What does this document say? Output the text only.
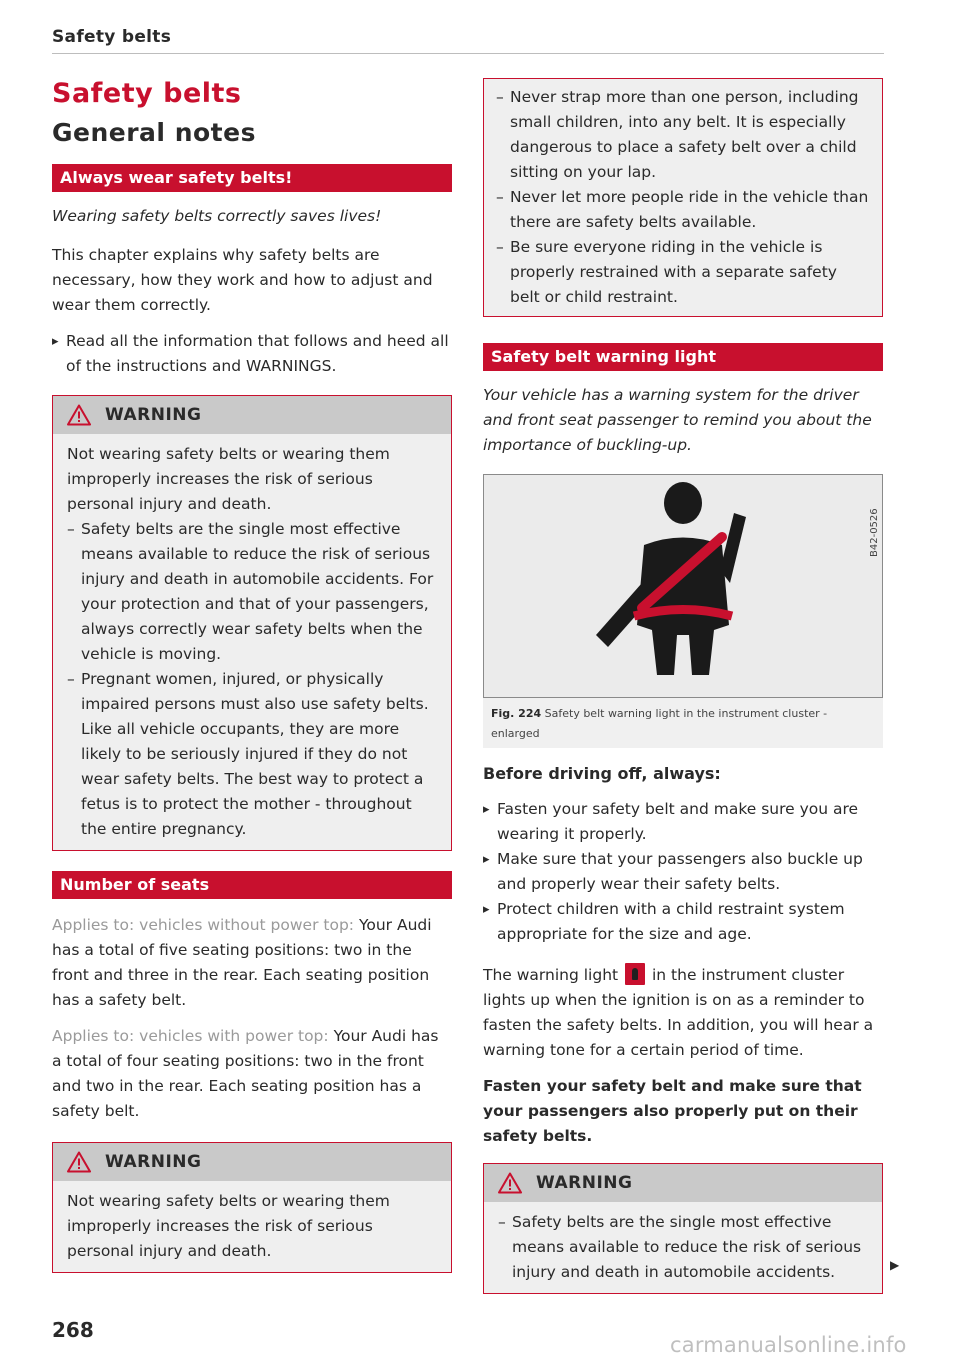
Safety belts
Safety belts
General notes
Always wear safety belts!
Wearing safety belts correctly saves lives!

This chapter explains why safety belts are necessary, how they work and how to adjust and wear them correctly.

▸ Read all the information that follows and heed all of the instructions and WARNINGS.
WARNING

Not wearing safety belts or wearing them improperly increases the risk of serious personal injury and death.

– Safety belts are the single most effective means available to reduce the risk of serious injury and death in automobile accidents. For your protection and that of your passengers, always correctly wear safety belts when the vehicle is moving.
– Pregnant women, injured, or physically impaired persons must also use safety belts. Like all vehicle occupants, they are more likely to be seriously injured if they do not wear safety belts. The best way to protect a fetus is to protect the mother - throughout the entire pregnancy.
Number of seats

Applies to: vehicles without power top: Your Audi has a total of five seating positions: two in the front and three in the rear. Each seating position has a safety belt.

Applies to: vehicles with power top: Your Audi has a total of four seating positions: two in the front and two in the rear. Each seating position has a safety belt.

WARNING

Not wearing safety belts or wearing them improperly increases the risk of serious personal injury and death.

– Never strap more than one person, including small children, into any belt. It is especially dangerous to place a safety belt over a child sitting on your lap.
– Never let more people ride in the vehicle than there are safety belts available.
– Be sure everyone riding in the vehicle is properly restrained with a separate safety belt or child restraint.
Safety belt warning light
Your vehicle has a warning system for the driver and front seat passenger to remind you about the importance of buckling-up.
B42-0526
Fig. 224 Safety belt warning light in the instrument cluster - enlarged
Before driving off, always:
▸ Fasten your safety belt and make sure you are wearing it properly.
▸ Make sure that your passengers also buckle up and properly wear their safety belts.
▸ Protect children with a child restraint system appropriate for the size and age.

The warning light in the instrument cluster lights up when the ignition is on as a reminder to fasten the safety belts. In addition, you will hear a warning tone for a certain period of time.

Fasten your safety belt and make sure that your passengers also properly put on their safety belts.

WARNING
– Safety belts are the single most effective means available to reduce the risk of serious injury and death in automobile accidents.	▶
268
carmanualsonline.info
